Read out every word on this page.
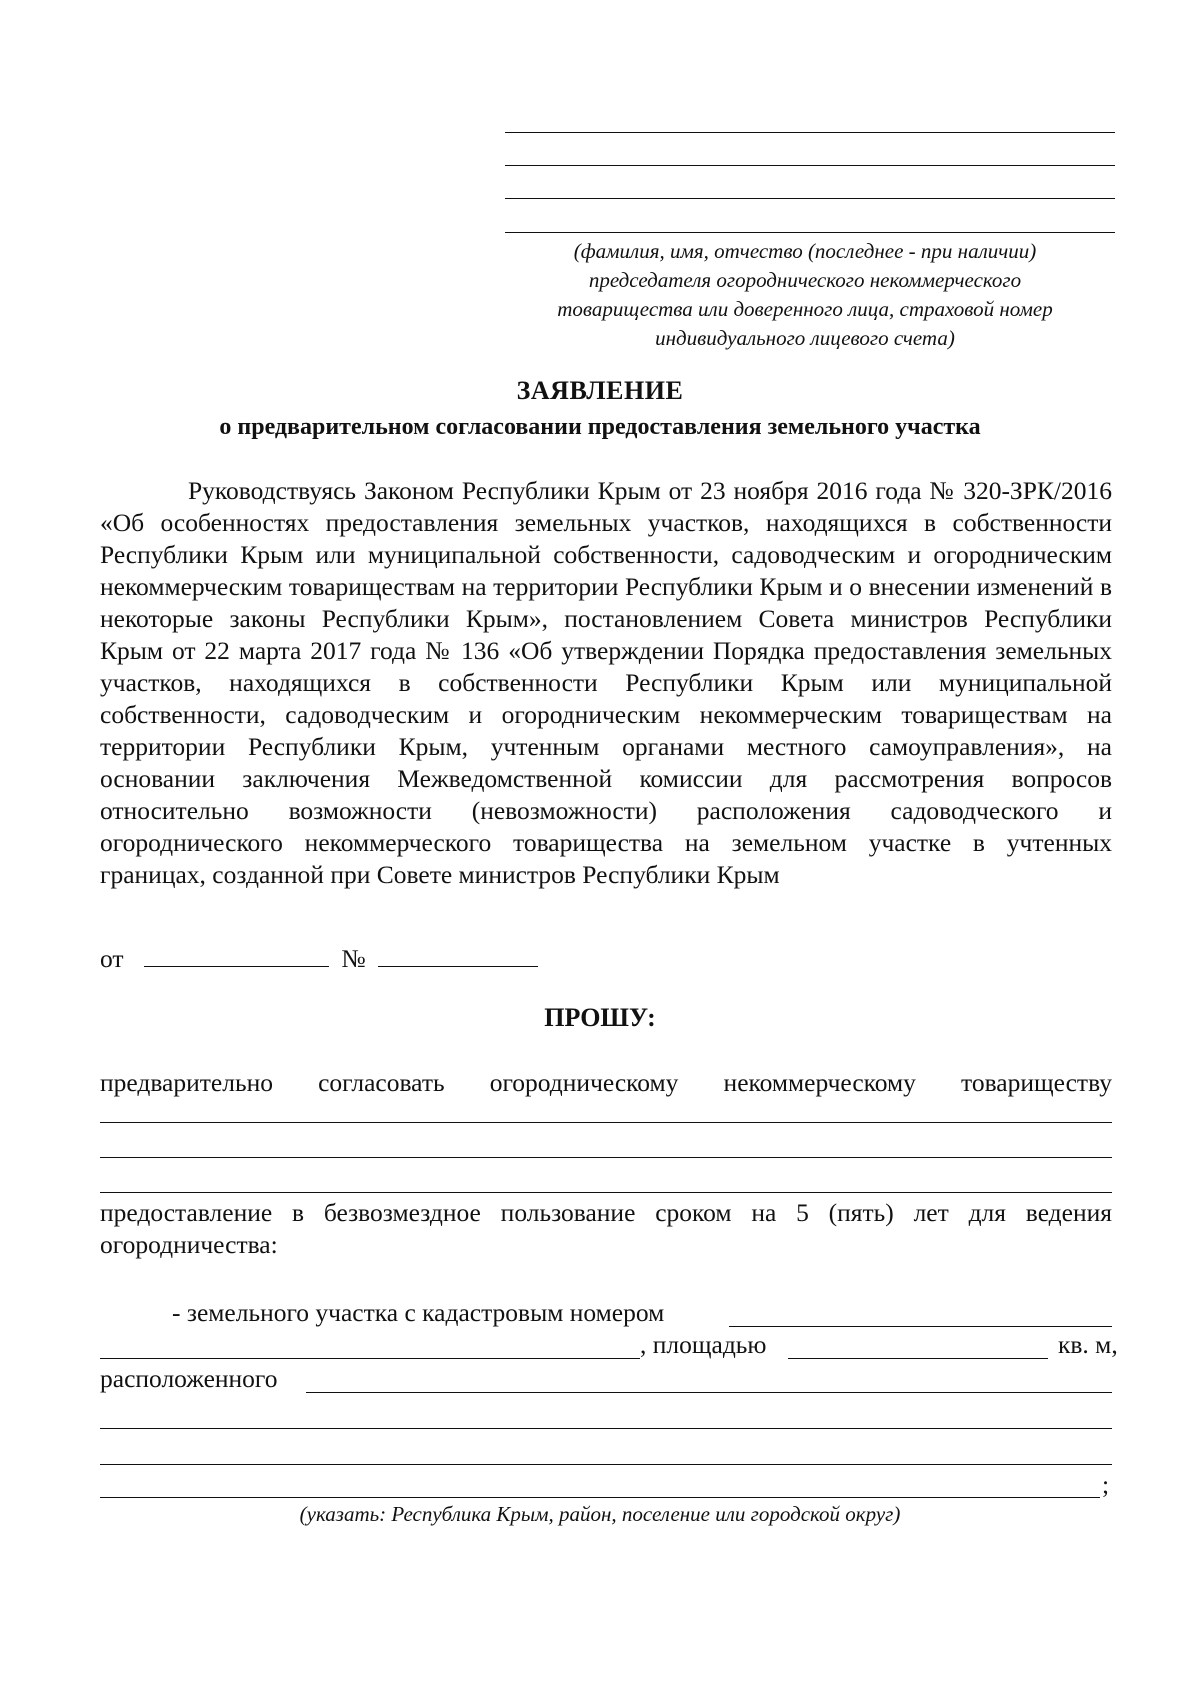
(фамилия, имя, отчество (последнее - при наличии)
председателя огороднического некоммерческого
товарищества или доверенного лица, страховой номер
индивидуального лицевого счета)
ЗАЯВЛЕНИЕ
о предварительном согласовании предоставления земельного участка

Руководствуясь Законом Республики Крым от 23 ноября 2016 года № 320-ЗРК/2016 «Об особенностях предоставления земельных участков, находящихся в собственности Республики Крым или муниципальной собственности, садоводческим и огородническим некоммерческим товариществам на территории Республики Крым и о внесении изменений в некоторые законы Республики Крым», постановлением Совета министров Республики Крым от 22 марта 2017 года № 136 «Об утверждении Порядка предоставления земельных участков, находящихся в собственности Республики Крым или муниципальной собственности, садоводческим и огородническим некоммерческим товариществам на территории Республики Крым, учтенным органами местного самоуправления», на основании заключения Межведомственной комиссии для рассмотрения вопросов относительно возможности (невозможности) расположения садоводческого и огороднического некоммерческого товарищества на земельном участке в учтенных границах, созданной при Совете министров Республики Крым

от	№
ПРОШУ:
предварительно согласовать огородническому некоммерческому товариществу
предоставление в безвозмездное пользование сроком на 5 (пять) лет для ведения
огородничества:
- земельного участка с кадастровым номером
, площадью	кв. м,
расположенного
;
(указать: Республика Крым, район, поселение или городской округ)
